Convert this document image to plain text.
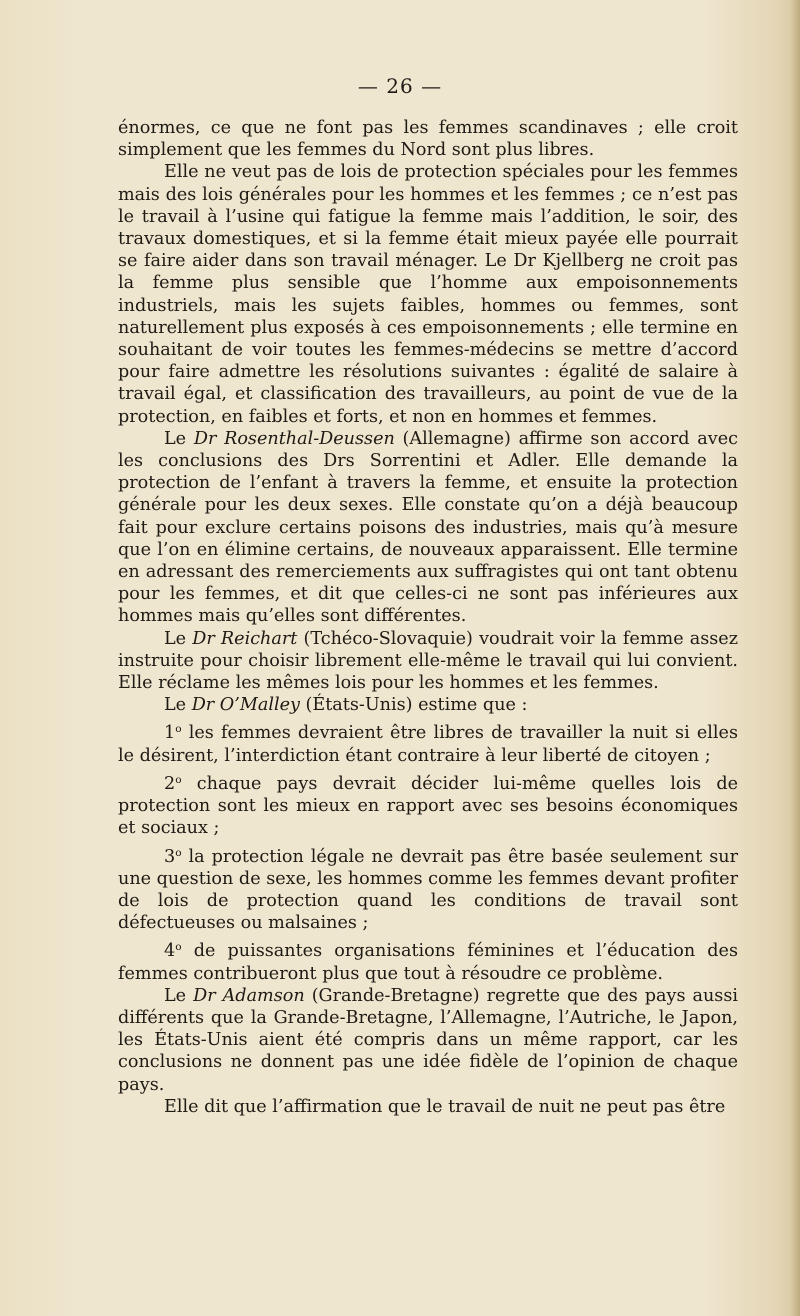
— 26 —

énormes, ce que ne font pas les femmes scandinaves ; elle croit simplement que les femmes du Nord sont plus libres.

Elle ne veut pas de lois de protection spéciales pour les femmes mais des lois générales pour les hommes et les femmes ; ce n’est pas le travail à l’usine qui fatigue la femme mais l’addition, le soir, des travaux domestiques, et si la femme était mieux payée elle pourrait se faire aider dans son travail ménager. Le Dr Kjellberg ne croit pas la femme plus sensible que l’homme aux empoisonnements industriels, mais les sujets faibles, hommes ou femmes, sont naturellement plus exposés à ces empoisonnements ; elle termine en souhaitant de voir toutes les femmes-médecins se mettre d’accord pour faire admettre les résolutions suivantes : égalité de salaire à travail égal, et classification des travailleurs, au point de vue de la protection, en faibles et forts, et non en hommes et femmes.

Le Dr Rosenthal-Deussen (Allemagne) affirme son accord avec les conclusions des Drs Sorrentini et Adler. Elle demande la protection de l’enfant à travers la femme, et ensuite la protection générale pour les deux sexes. Elle constate qu’on a déjà beaucoup fait pour exclure certains poisons des industries, mais qu’à mesure que l’on en élimine certains, de nouveaux apparaissent. Elle termine en adressant des remerciements aux suffragistes qui ont tant obtenu pour les femmes, et dit que celles-ci ne sont pas inférieures aux hommes mais qu’elles sont différentes.

Le Dr Reichart (Tchéco-Slovaquie) voudrait voir la femme assez instruite pour choisir librement elle-même le travail qui lui convient. Elle réclame les mêmes lois pour les hommes et les femmes.

Le Dr O’Malley (États-Unis) estime que :

1$^o$ les femmes devraient être libres de travailler la nuit si elles le désirent, l’interdiction étant contraire à leur liberté de citoyen ;

2$^o$ chaque pays devrait décider lui-même quelles lois de protection sont les mieux en rapport avec ses besoins économiques et sociaux ;

3$^o$ la protection légale ne devrait pas être basée seulement sur une question de sexe, les hommes comme les femmes devant profiter de lois de protection quand les conditions de travail sont défectueuses ou malsaines ;

4$^o$ de puissantes organisations féminines et l’éducation des femmes contribueront plus que tout à résoudre ce problème.

Le Dr Adamson (Grande-Bretagne) regrette que des pays aussi différents que la Grande-Bretagne, l’Allemagne, l’Autriche, le Japon, les États-Unis aient été compris dans un même rapport, car les conclusions ne donnent pas une idée fidèle de l’opinion de chaque pays.

Elle dit que l’affirmation que le travail de nuit ne peut pas être
